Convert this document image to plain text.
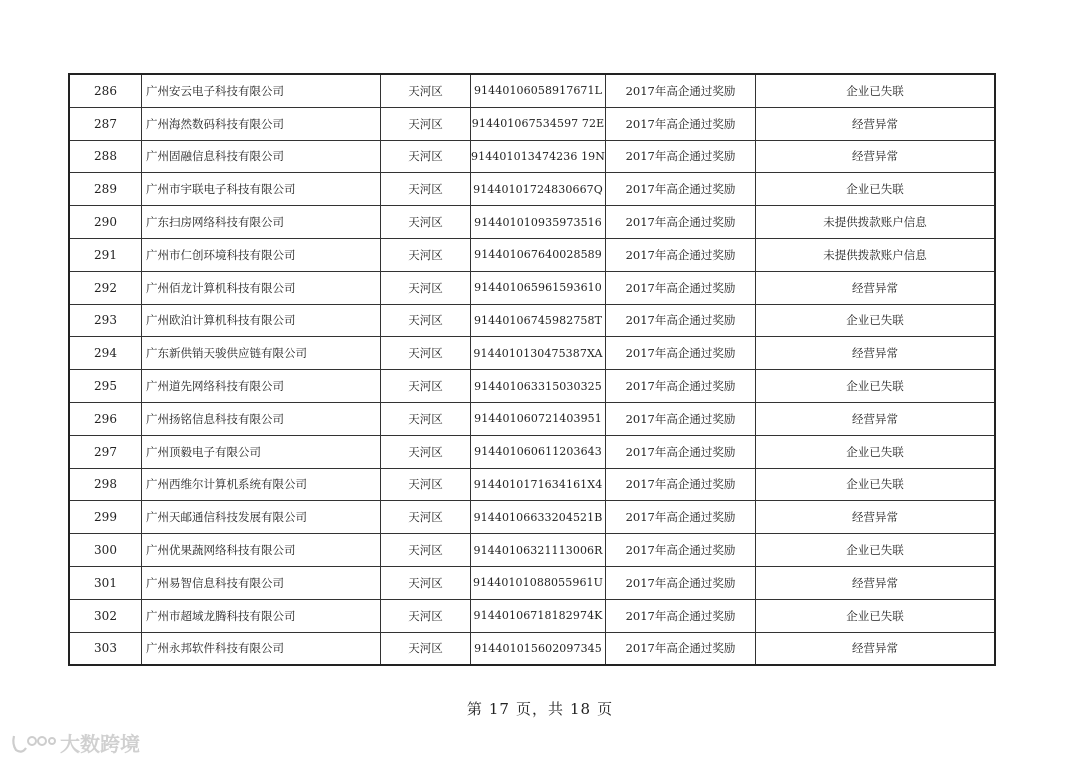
286	广州安云电子科技有限公司	天河区	91440106058917671L	2017年高企通过奖励	企业已失联
287	广州海然数码科技有限公司	天河区	914401067534597 72E	2017年高企通过奖励	经营异常
288	广州固融信息科技有限公司	天河区	914401013474236 19N	2017年高企通过奖励	经营异常
289	广州市宇联电子科技有限公司	天河区	91440101724830667Q	2017年高企通过奖励	企业已失联
290	广东扫房网络科技有限公司	天河区	914401010935973516	2017年高企通过奖励	未提供拨款账户信息
291	广州市仁创环境科技有限公司	天河区	914401067640028589	2017年高企通过奖励	未提供拨款账户信息
292	广州佰龙计算机科技有限公司	天河区	914401065961593610	2017年高企通过奖励	经营异常
293	广州欧泊计算机科技有限公司	天河区	91440106745982758T	2017年高企通过奖励	企业已失联
294	广东新供销天骏供应链有限公司	天河区	9144010130475387XA	2017年高企通过奖励	经营异常
295	广州道先网络科技有限公司	天河区	914401063315030325	2017年高企通过奖励	企业已失联
296	广州扬铭信息科技有限公司	天河区	914401060721403951	2017年高企通过奖励	经营异常
297	广州顶毅电子有限公司	天河区	914401060611203643	2017年高企通过奖励	企业已失联
298	广州西维尔计算机系统有限公司	天河区	9144010171634161X4	2017年高企通过奖励	企业已失联
299	广州天邮通信科技发展有限公司	天河区	91440106633204521B	2017年高企通过奖励	经营异常
300	广州优果蔬网络科技有限公司	天河区	91440106321113006R	2017年高企通过奖励	企业已失联
301	广州易智信息科技有限公司	天河区	91440101088055961U	2017年高企通过奖励	经营异常
302	广州市超域龙腾科技有限公司	天河区	91440106718182974K	2017年高企通过奖励	企业已失联
303	广州永邦软件科技有限公司	天河区	914401015602097345	2017年高企通过奖励	经营异常
第 17 页，共 18 页
大数跨境
